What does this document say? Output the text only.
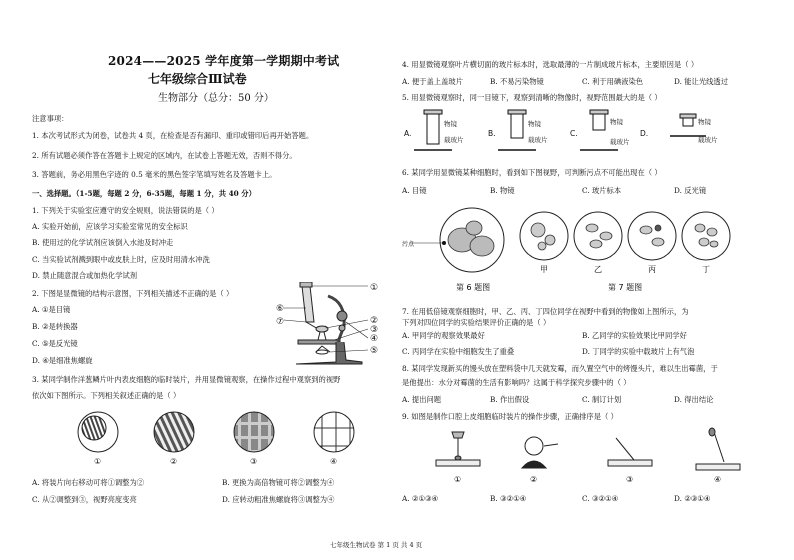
2024——2025 学年度第一学期期中考试
七年级综合Ⅲ试卷
生物部分（总分：50 分）
注意事项：
1. 本次考试形式为闭卷，试卷共 4 页，在检查是否有漏印、重印或错印后再开始答题。
2. 所有试题必须作答在答题卡上规定的区域内，在试卷上答题无效，否则不得分。
3. 答题前，务必用黑色字迹的 0.5 毫米的黑色签字笔填写姓名及答题卡上。
一、选择题。（1-5题，每题 2 分，6-35题，每题 1 分，共 40 分）
1. 下列关于实验室应遵守的安全规则，说法错误的是（ ）
A. 实验开始前，应该学习实验室常见的安全标识
B. 使用过的化学试剂应该倒入水池及时冲走
C. 当实验试剂溅到眼中或皮肤上时，应及时用清水冲洗
D. 禁止随意混合或加热化学试剂
2. 下图是显微镜的结构示意图，下列相关描述不正确的是（ ）
A. ①是目镜
B. ②是转换器
C. ⑤是反光镜
D. ④是细准焦螺旋
①
②
③
④
⑤
⑥
⑦
3. 某同学制作洋葱鳞片叶内表皮细胞的临时装片，并用显微镜观察，在操作过程中观察到的视野
依次如下图所示。下列相关叙述正确的是（ ）
①	②	③	④
A. 将装片向右移动可将①调整为②	B. 更换为高倍物镜可将②调整为④
C. 从②调整到③，视野亮度变亮	D. 应转动粗准焦螺旋将③调整为④
4. 用显微镜观察叶片横切面的玻片标本时，选取最薄的一片制成玻片标本，主要原因是（ ）
A. 便于盖上盖玻片	B. 不易污染物镜	C. 利于用碘液染色	D. 能让光线透过
5. 用显微镜观察时，同一目镜下，观察到清晰的物像时，视野范围最大的是（ ）
A.	B.	C.	D.
物镜
载玻片
物镜
载玻片
物镜
载玻片
物镜
载玻片
6. 某同学用显微镜某种细胞时，看到如下图视野，可判断污点不可能出现在（ ）
A. 目镜	B. 物镜	C. 玻片标本	D. 反光镜
污点
第 6 题图
甲	乙	丙	丁
第 7 题图
7. 在用低倍镜观察细胞时，甲、乙、丙、丁四位同学在视野中看到的物像如上图所示，为
下列对四位同学的实验结果评价正确的是（ ）
A. 甲同学的观察效果最好	B. 乙同学的实验效果比甲同学好
C. 丙同学在实验中细胞发生了重叠	D. 丁同学的实验中载玻片上有气泡
8. 某同学发现新买的馒头放在塑料袋中几天就发霉，而久置空气中的烤馒头片，难以生出霉菌，于
是他提出：水分对霉菌的生活有影响吗？这属于科学探究步骤中的（ ）
A. 提出问题	B. 作出假设	C. 制订计划	D. 得出结论
9. 如图是制作口腔上皮细胞临时装片的操作步骤，正确排序是（ ）
①	②	③	④
A. ②①③④	B. ③②①④	C. ③②①④	D. ②③①④
七年级生物试卷 第 1 页 共 4 页
